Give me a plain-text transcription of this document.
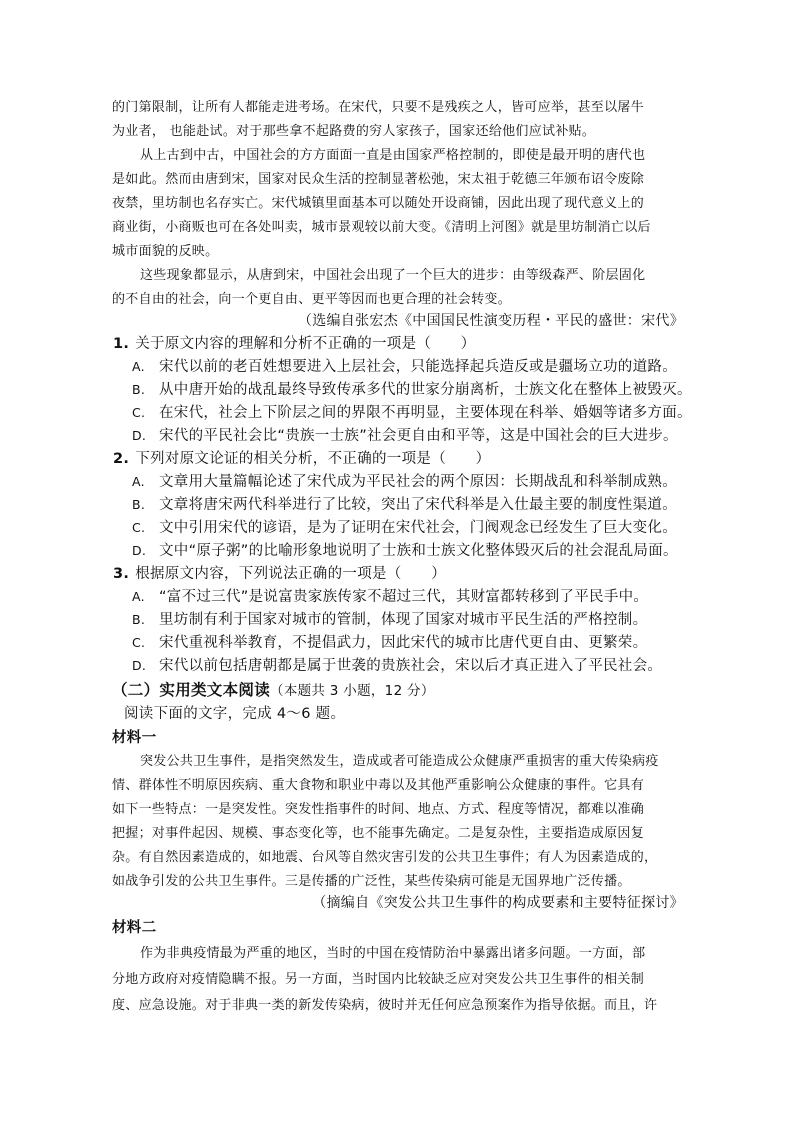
的门第限制，让所有人都能走进考场。在宋代，只要不是残疾之人，皆可应举，甚至以屠牛
为业者， 也能赴试。对于那些拿不起路费的穷人家孩子，国家还给他们应试补贴。
从上古到中古，中国社会的方方面面一直是由国家严格控制的，即使是最开明的唐代也
是如此。然而由唐到宋，国家对民众生活的控制显著松弛，宋太祖于乾德三年颁布诏令废除
夜禁，里坊制也名存实亡。宋代城镇里面基本可以随处开设商铺，因此出现了现代意义上的
商业街，小商贩也可在各处叫卖，城市景观较以前大变。《清明上河图》就是里坊制消亡以后
城市面貌的反映。
这些现象都显示，从唐到宋，中国社会出现了一个巨大的进步：由等级森严、阶层固化
的不自由的社会，向一个更自由、更平等因而也更合理的社会转变。
（选编自张宏杰《中国国民性演变历程・平民的盛世：宋代》
1. 关于原文内容的理解和分析不正确的一项是（　　）
A. 宋代以前的老百姓想要进入上层社会，只能选择起兵造反或是疆场立功的道路。
B. 从中唐开始的战乱最终导致传承多代的世家分崩离析，士族文化在整体上被毁灭。
C. 在宋代，社会上下阶层之间的界限不再明显，主要体现在科举、婚姻等诸多方面。
D. 宋代的平民社会比“贵族一士族”社会更自由和平等，这是中国社会的巨大进步。
2. 下列对原文论证的相关分析，不正确的一项是（　　）
A. 文章用大量篇幅论述了宋代成为平民社会的两个原因：长期战乱和科举制成熟。
B. 文章将唐宋两代科举进行了比较，突出了宋代科举是入仕最主要的制度性渠道。
C. 文中引用宋代的谚语，是为了证明在宋代社会，门阀观念已经发生了巨大变化。
D. 文中“原子粥”的比喻形象地说明了士族和士族文化整体毁灭后的社会混乱局面。
3. 根据原文内容，下列说法正确的一项是（　　）
A. “富不过三代”是说富贵家族传家不超过三代，其财富都转移到了平民手中。
B. 里坊制有利于国家对城市的管制，体现了国家对城市平民生活的严格控制。
C. 宋代重视科举教育，不提倡武力，因此宋代的城市比唐代更自由、更繁荣。
D. 宋代以前包括唐朝都是属于世袭的贵族社会，宋以后才真正进入了平民社会。
（二）实用类文本阅读（本题共 3 小题，12 分）
阅读下面的文字，完成 4～6 题。
材料一
突发公共卫生事件，是指突然发生，造成或者可能造成公众健康严重损害的重大传染病疫
情、群体性不明原因疾病、重大食物和职业中毒以及其他严重影响公众健康的事件。它具有
如下一些特点：一是突发性。突发性指事件的时间、地点、方式、程度等情况，都难以准确
把握；对事件起因、规模、事态变化等，也不能事先确定。二是复杂性，主要指造成原因复
杂。有自然因素造成的，如地震、台风等自然灾害引发的公共卫生事件；有人为因素造成的，
如战争引发的公共卫生事件。三是传播的广泛性，某些传染病可能是无国界地广泛传播。
（摘编自《突发公共卫生事件的构成要素和主要特征探讨》
材料二
作为非典疫情最为严重的地区，当时的中国在疫情防治中暴露出诸多问题。一方面，部
分地方政府对疫情隐瞒不报。另一方面，当时国内比较缺乏应对突发公共卫生事件的相关制
度、应急设施。对于非典一类的新发传染病，彼时并无任何应急预案作为指导依据。而且，许
